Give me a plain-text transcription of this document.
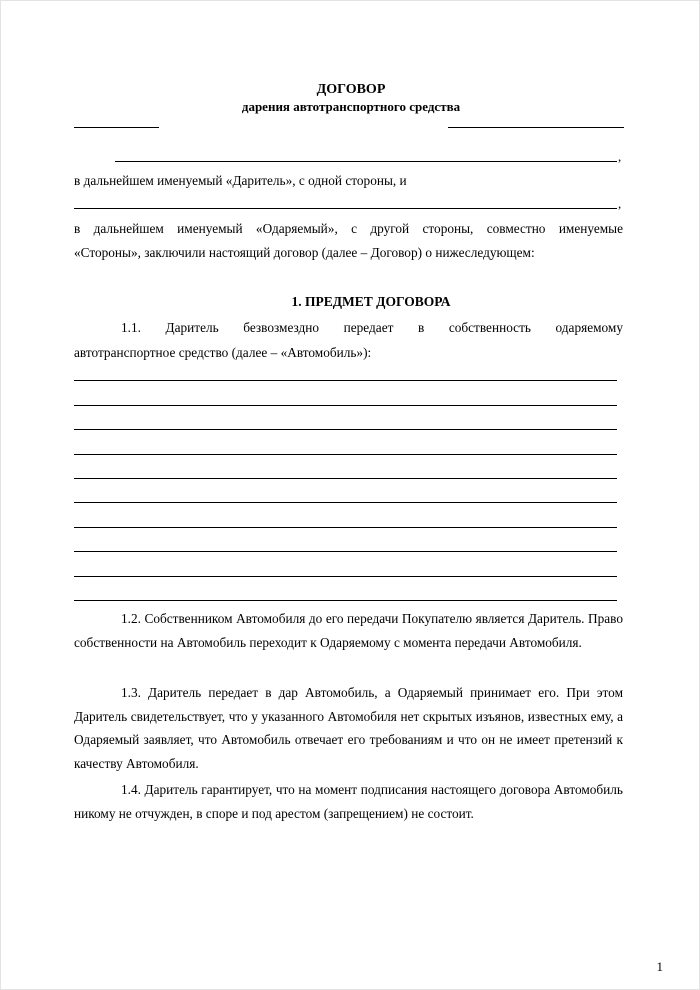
ДОГОВОР
дарения автотранспортного средства
,
в дальнейшем именуемый «Даритель», с одной стороны, и
,
в дальнейшем именуемый «Одаряемый», с другой стороны, совместно именуемые
«Стороны», заключили настоящий договор (далее – Договор) о нижеследующем:
1. ПРЕДМЕТ ДОГОВОРА
1.1. Даритель безвозмездно передает в собственность одаряемому
автотранспортное средство (далее – «Автомобиль»):
1.2. Собственником Автомобиля до его передачи Покупателю является Даритель. Право собственности на Автомобиль переходит к Одаряемому с момента передачи Автомобиля.
1.3. Даритель передает в дар Автомобиль, а Одаряемый принимает его. При этом Даритель свидетельствует, что у указанного Автомобиля нет скрытых изъянов, известных ему, а Одаряемый заявляет, что Автомобиль отвечает его требованиям и что он не имеет претензий к качеству Автомобиля.
1.4. Даритель гарантирует, что на момент подписания настоящего договора Автомобиль никому не отчужден, в споре и под арестом (запрещением) не состоит.
1
